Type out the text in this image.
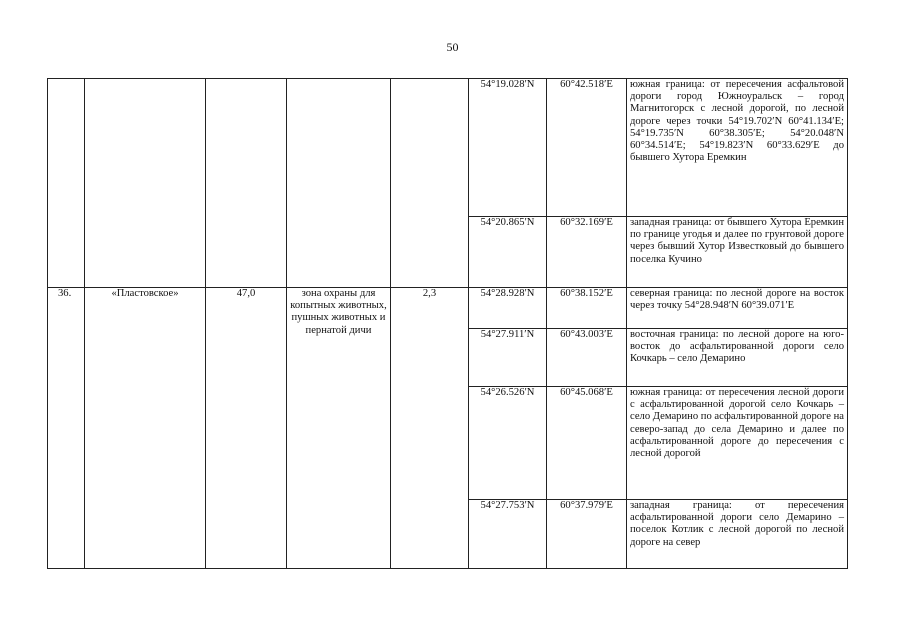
50
					54°19.028′N	60°42.518′E	южная граница: от пересечения асфальтовой дороги город Южноуральск – город Магнитогорск с лесной дорогой, по лесной дороге через точки 54°19.702′N 60°41.134′E; 54°19.735′N 60°38.305′E; 54°20.048′N 60°34.514′E; 54°19.823′N 60°33.629′E до бывшего Хутора Еремкин
					54°20.865′N	60°32.169′E	западная граница: от бывшего Хутора Еремкин по границе угодья и далее по грунтовой дороге через бывший Хутор Известковый до бывшего поселка Кучино
36.	«Пластовское»	47,0	зона охраны для копытных животных, пушных животных и пернатой дичи	2,3	54°28.928′N	60°38.152′E	северная граница: по лесной дороге на восток через точку 54°28.948′N 60°39.071′E
					54°27.911′N	60°43.003′E	восточная граница: по лесной дороге на юго-восток до асфальтированной дороги село Кочкарь – село Демарино
					54°26.526′N	60°45.068′E	южная граница: от пересечения лесной дороги с асфальтированной дорогой село Кочкарь – село Демарино по асфальтированной дороге на северо-запад до села Демарино и далее по асфальтированной дороге до пересечения с лесной дорогой
					54°27.753′N	60°37.979′E	западная граница: от пересечения асфальтированной дороги село Демарино – поселок Котлик с лесной дорогой по лесной дороге на север
